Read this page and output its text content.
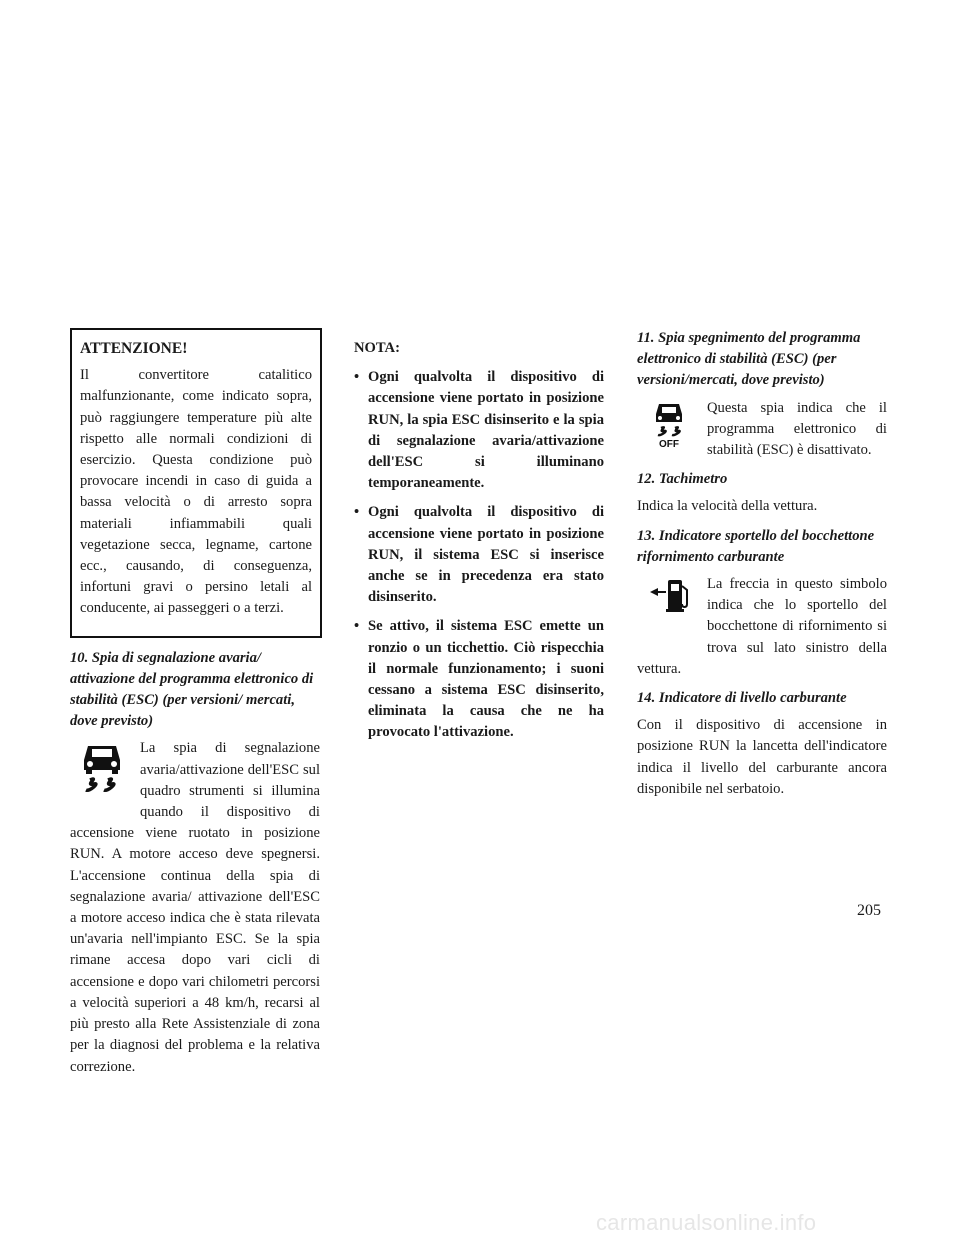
ATTENZIONE!

Il convertitore catalitico malfunzionante, come indicato sopra, può raggiungere temperature più alte rispetto alle normali condizioni di esercizio. Questa condizione può provocare incendi in caso di guida a bassa velocità o di arresto sopra materiali infiammabili quali vegetazione secca, legname, cartone ecc., causando, di conseguenza, infortuni gravi o persino letali al conducente, ai passeggeri o a terzi.

10. Spia di segnalazione avaria/ attivazione del programma elettronico di stabilità (ESC) (per versioni/ mercati, dove previsto)

La spia di segnalazione avaria/attivazione dell'ESC sul quadro strumenti si illumina quando il dispositivo di accensione viene ruotato in posizione RUN. A motore acceso deve spegnersi. L'accensione continua della spia di segnalazione avaria/ attivazione dell'ESC a motore acceso indica che è stata rilevata un'avaria nell'impianto ESC. Se la spia rimane accesa dopo vari cicli di accensione e dopo vari chilometri percorsi a velocità superiori a 48 km/h, recarsi al più presto alla Rete Assistenziale di zona per la diagnosi del problema e la relativa correzione.

NOTA:

• Ogni qualvolta il dispositivo di accensione viene portato in posizione RUN, la spia ESC disinserito e la spia di segnalazione avaria/attivazione dell'ESC si illuminano temporaneamente.
• Ogni qualvolta il dispositivo di accensione viene portato in posizione RUN, il sistema ESC si inserisce anche se in precedenza era stato disinserito.
• Se attivo, il sistema ESC emette un ronzio o un ticchettio. Ciò rispecchia il normale funzionamento; i suoni cessano a sistema ESC disinserito, eliminata la causa che ne ha provocato l'attivazione.

11. Spia spegnimento del programma elettronico di stabilità (ESC) (per versioni/mercati, dove previsto)

OFF

Questa spia indica che il programma elettronico di stabilità (ESC) è disattivato.

12. Tachimetro

Indica la velocità della vettura.

13. Indicatore sportello del bocchettone rifornimento carburante

La freccia in questo simbolo indica che lo sportello del bocchettone di rifornimento si trova sul lato sinistro della vettura.

14. Indicatore di livello carburante

Con il dispositivo di accensione in posizione RUN la lancetta dell'indicatore indica il livello del carburante ancora disponibile nel serbatoio.

205
carmanualsonline.info
